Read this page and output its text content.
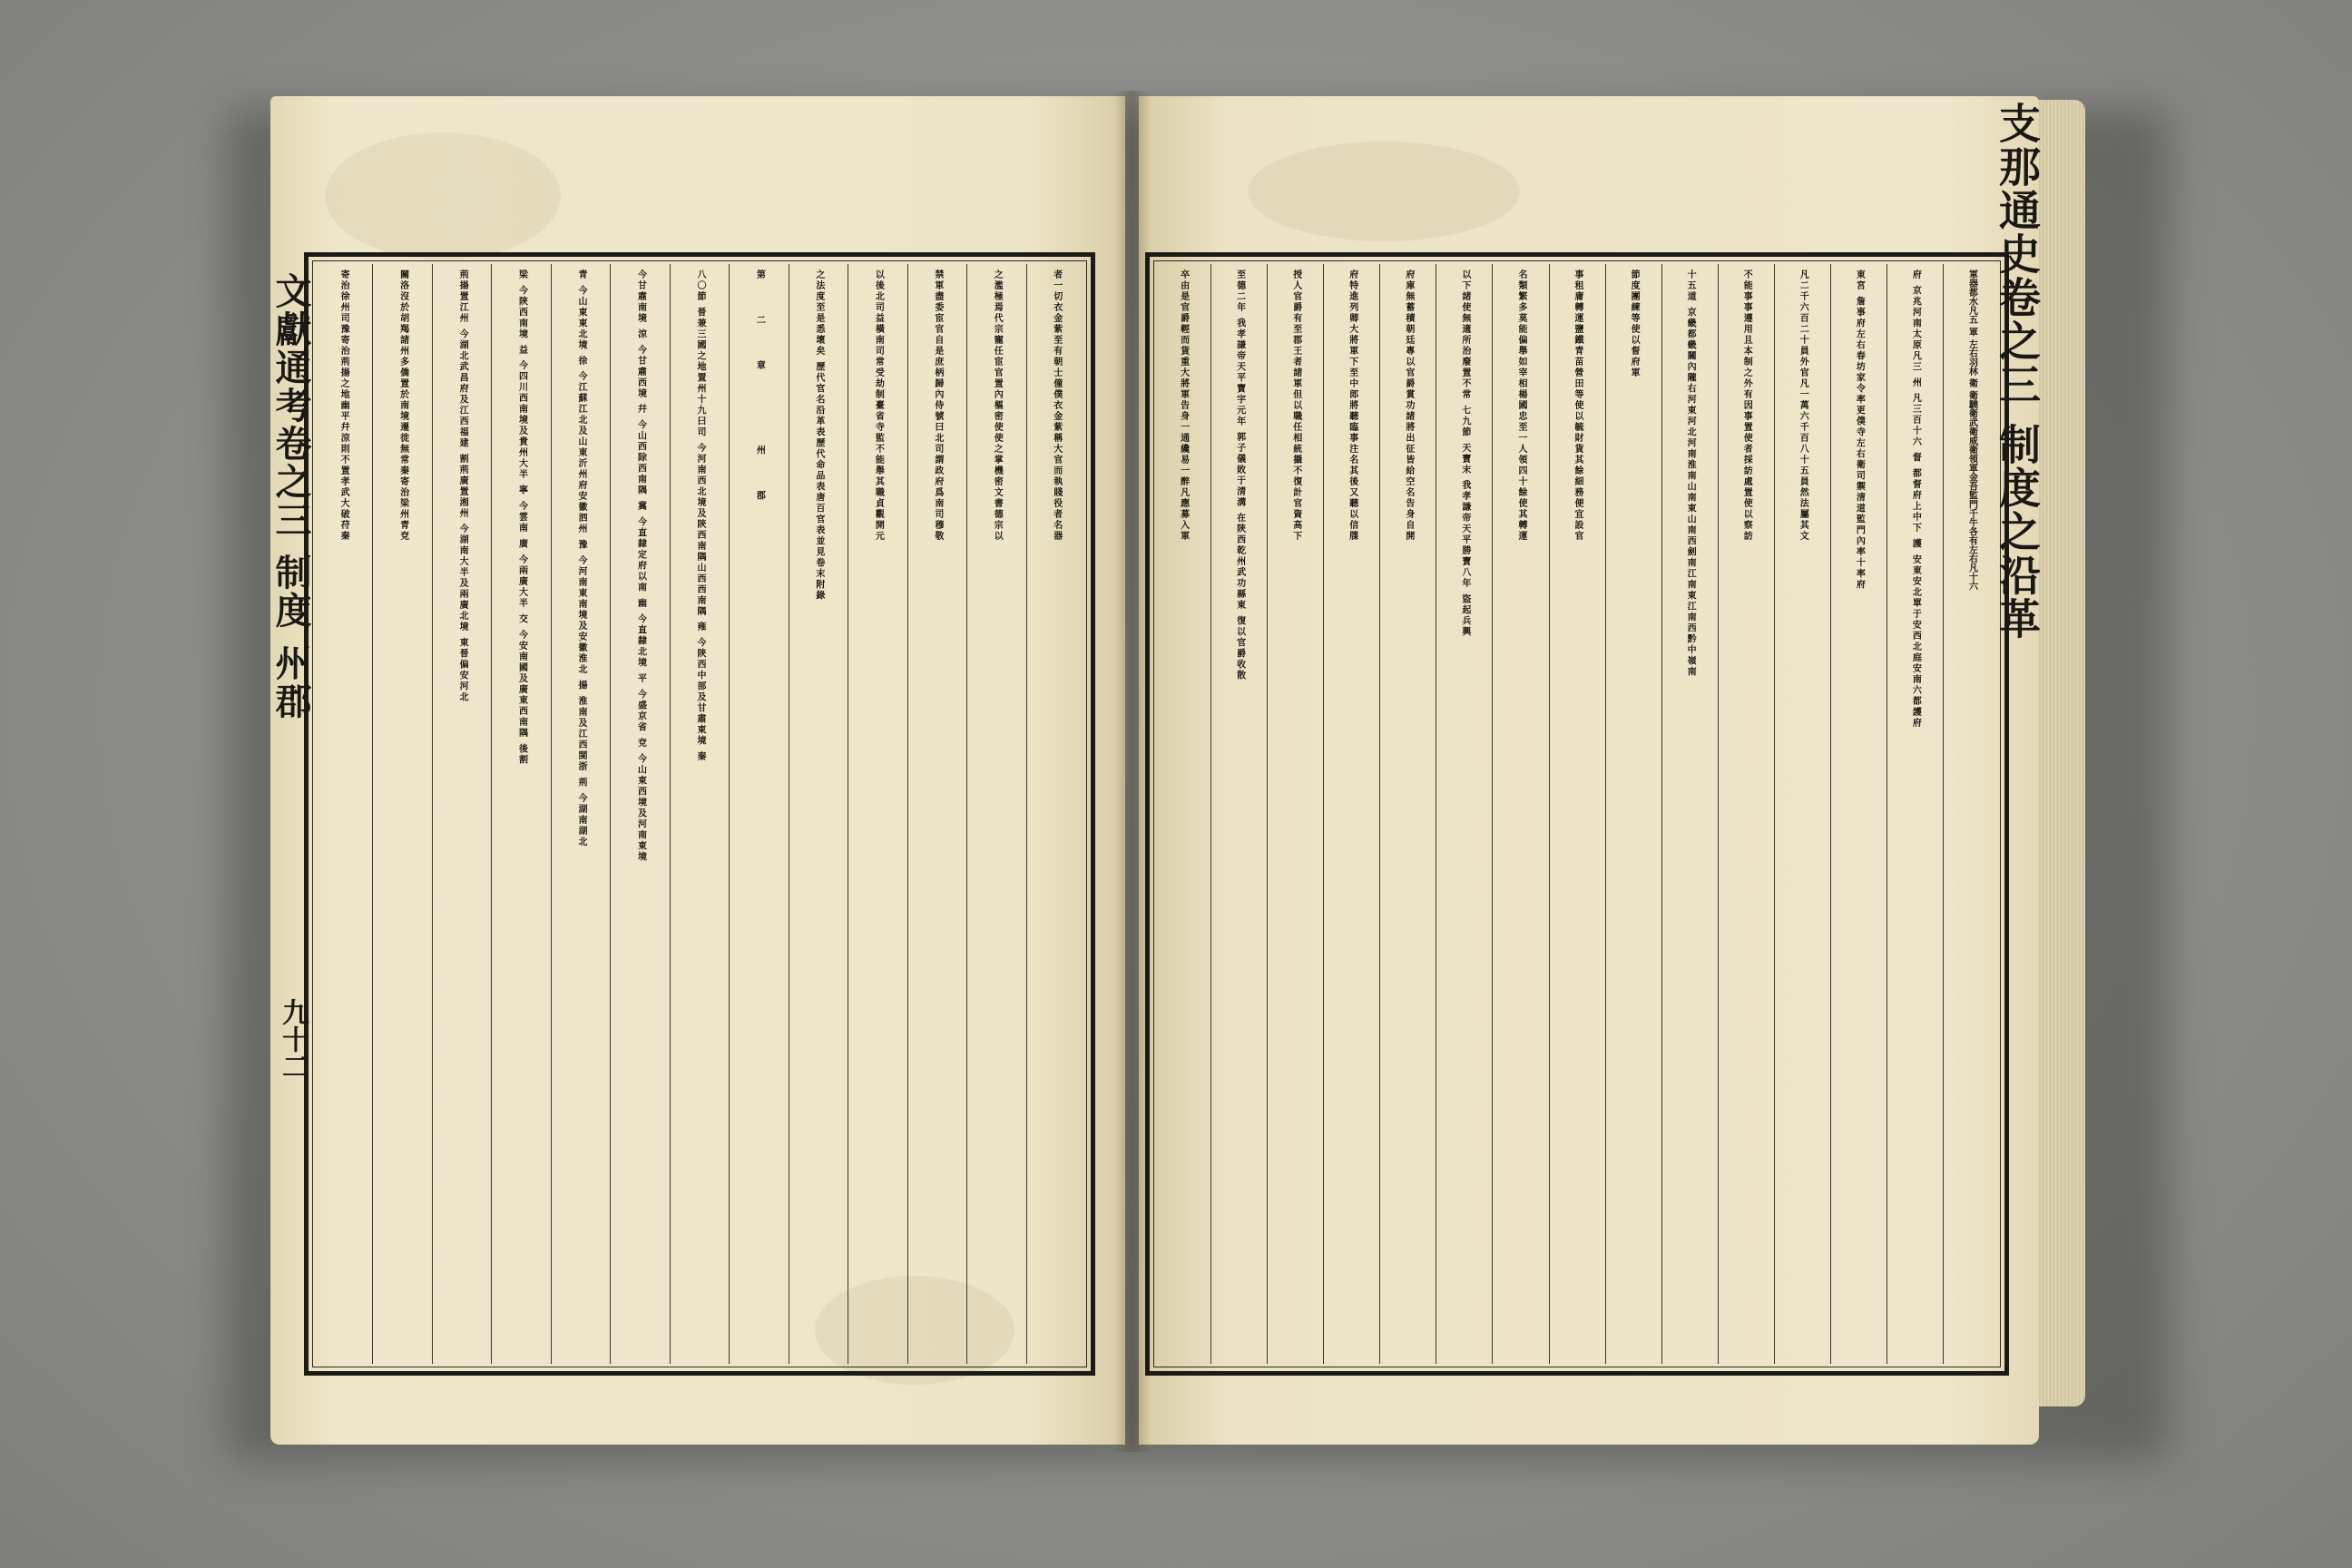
者一切衣金紫至有朝士僮僕衣金紫稱大官而執賤役者名器
之濫極焉代宗寵任宦官置內樞密使使之掌機密文書德宗以
禁軍盡委宦官自是庶柄歸內侍號曰北司謂政府爲南司穆敬
以後北司益橫南司常受劫制臺省寺監不能舉其職貞觀開元
之法度至是悉壞矣 歷代官名沿革表歷代命品表唐百官表並見卷末附錄
第二章 州郡
八〇節 晉兼三國之地置州十九曰司 今河南西北境及陝西南隅山西西南隅 雍 今陝西中部及甘肅東境 秦
今甘肅南境 涼 今甘肅西境 幷 今山西除西南隅 冀 今直隸定府以南 幽 今直隸北境 平 今盛京省 兗 今山東西境及河南東境
青 今山東東北境 徐 今江蘇江北及山東沂州府安徽泗州 豫 今河南東南境及安徽淮北 揚 淮南及江西閩浙 荊 今湖南湖北
梁 今陝西南境 益 今四川西南境及貴州大半 寧 今雲南 廣 今兩廣大半 交 今安南國及廣東西南隅 後割
荊揚置江州 今湖北武昌府及江西福建 割荊廣置湘州 今湖南大半及兩廣北境 東晉偏安河北
關洛沒於胡羯諸州多僑置於南境遷徙無常秦寄治梁州青兗
寄治徐州司豫寄治荊揚之地幽平幷涼則不置孝武大破苻秦
文獻通考卷之三 制度 州郡
九十二
軍器都水凡五 軍 左右羽林 衛 衛驍衛武衛威衛領軍金吾監門千牛各有左右凡十六
府 京兆河南太原凡三 州 凡三百十六 督 都督府上中下 護 安東安北單于安西北庭安南六都護府
東宮 詹事府左右春坊家令率更僕寺左右衛司禦清道監門內率十率府
凡二千六百二十員外官凡一萬六千百八十五員然法屬其文
不能事事遵用且本制之外有因事置使者採訪處置使以察訪
十五道 京畿都畿關內隴右河東河北河南淮南山南東山南西劍南江南東江南西黔中嶺南
節度團練等使以督府軍
事租庸轉運鹽鐵青苗營田等使以毓財貨其餘細務便宜設官
名類繁多莫能偏舉如宰相楊國忠至一人領四十餘使其轉運
以下諸使無適所治廢置不常 七九節 天寶末 我孝謙帝天平勝寶八年 盜起兵興
府庫無蓄積朝廷專以官爵賞功諸將出征皆給空名告身自開
府特進列卿大將軍下至中郎將聽臨事注名其後又聽以信牒
授人官爵有至郡王者諸軍但以職任相統攝不復計官資高下
至德二年 我孝謙帝天平寶字元年 郭子儀敗于清溝 在陝西乾州武功縣東 復以官爵收散
卒由是官爵輕而貨重大將軍告身一通纔易一醉凡應募入軍	支那通史卷之三 制度之沿革
